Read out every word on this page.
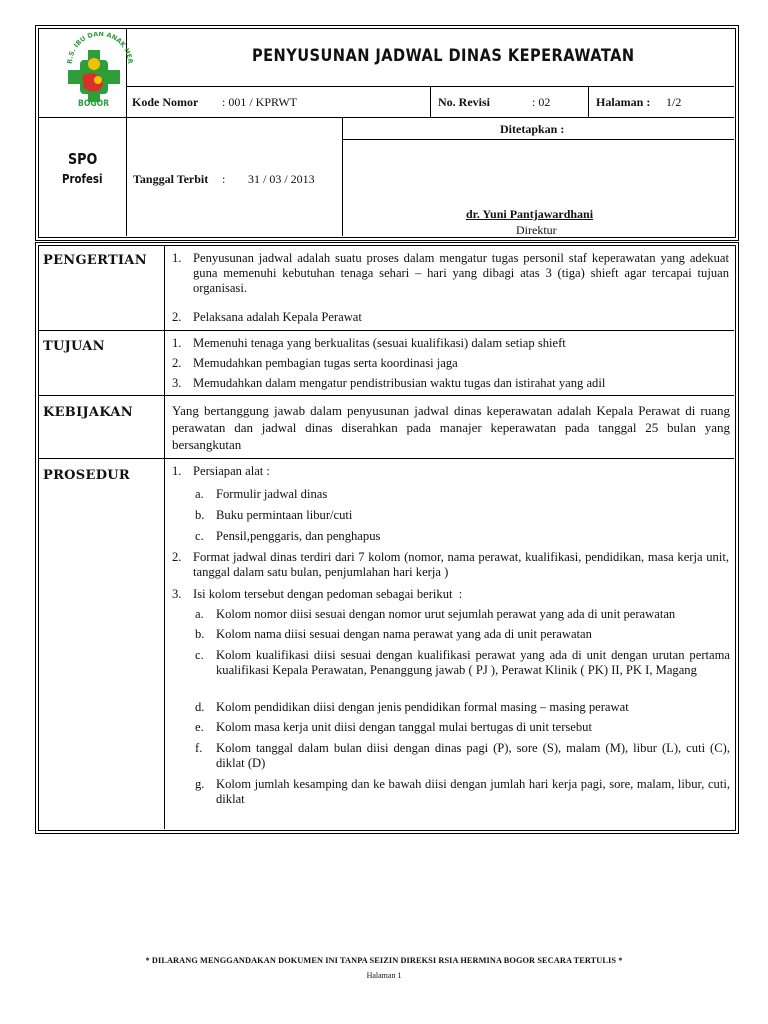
R.S. IBU DAN ANAK HER
BOGOR
PENYUSUNAN JADWAL DINAS KEPERAWATAN
Kode Nomor : 001 / KPRWT	No. Revisi	: 02	Halaman : 1/2
SPO
Profesi	Tanggal Terbit : 31 / 03 / 2013
Ditetapkan :
dr. Yuni Pantjawardhani
Direktur
PENGERTIAN 1. Penyusunan jadwal adalah suatu proses dalam mengatur tugas personil staf keperawatan yang adekuat guna memenuhi kebutuhan tenaga sehari – hari yang dibagi atas 3 (tiga) shieft agar tercapai tujuan organisasi.
2. Pelaksana adalah Kepala Perawat
TUJUAN	1. Memenuhi tenaga yang berkualitas (sesuai kualifikasi) dalam setiap shieft
2. Memudahkan pembagian tugas serta koordinasi jaga
3. Memudahkan dalam mengatur pendistribusian waktu tugas dan istirahat yang adil
KEBIJAKAN	Yang bertanggung jawab dalam penyusunan jadwal dinas keperawatan adalah Kepala Perawat di ruang perawatan dan jadwal dinas diserahkan pada manajer keperawatan pada tanggal 25 bulan yang bersangkutan
PROSEDUR	1. Persiapan alat :
a. Formulir jadwal dinas
b. Buku permintaan libur/cuti
c. Pensil,penggaris, dan penghapus
2. Format jadwal dinas terdiri dari 7 kolom (nomor, nama perawat, kualifikasi, pendidikan, masa kerja unit, tanggal dalam satu bulan, penjumlahan hari kerja )
3. Isi kolom tersebut dengan pedoman sebagai berikut  :
a. Kolom nomor diisi sesuai dengan nomor urut sejumlah perawat yang ada di unit perawatan
b. Kolom nama diisi sesuai dengan nama perawat yang ada di unit perawatan
c. Kolom kualifikasi diisi sesuai dengan kualifikasi perawat yang ada di unit dengan urutan pertama kualifikasi Kepala Perawatan, Penanggung jawab ( PJ ), Perawat Klinik ( PK) II, PK I, Magang
d. Kolom pendidikan diisi dengan jenis pendidikan formal masing – masing perawat
e. Kolom masa kerja unit diisi dengan tanggal mulai bertugas di unit tersebut
f. Kolom tanggal dalam bulan diisi dengan dinas pagi (P), sore (S), malam (M), libur (L), cuti (C), diklat (D)
g. Kolom jumlah kesamping dan ke bawah diisi dengan jumlah hari kerja pagi, sore, malam, libur, cuti, diklat
* DILARANG MENGGANDAKAN DOKUMEN INI TANPA SEIZIN DIREKSI RSIA HERMINA BOGOR SECARA TERTULIS *
Halaman 1
